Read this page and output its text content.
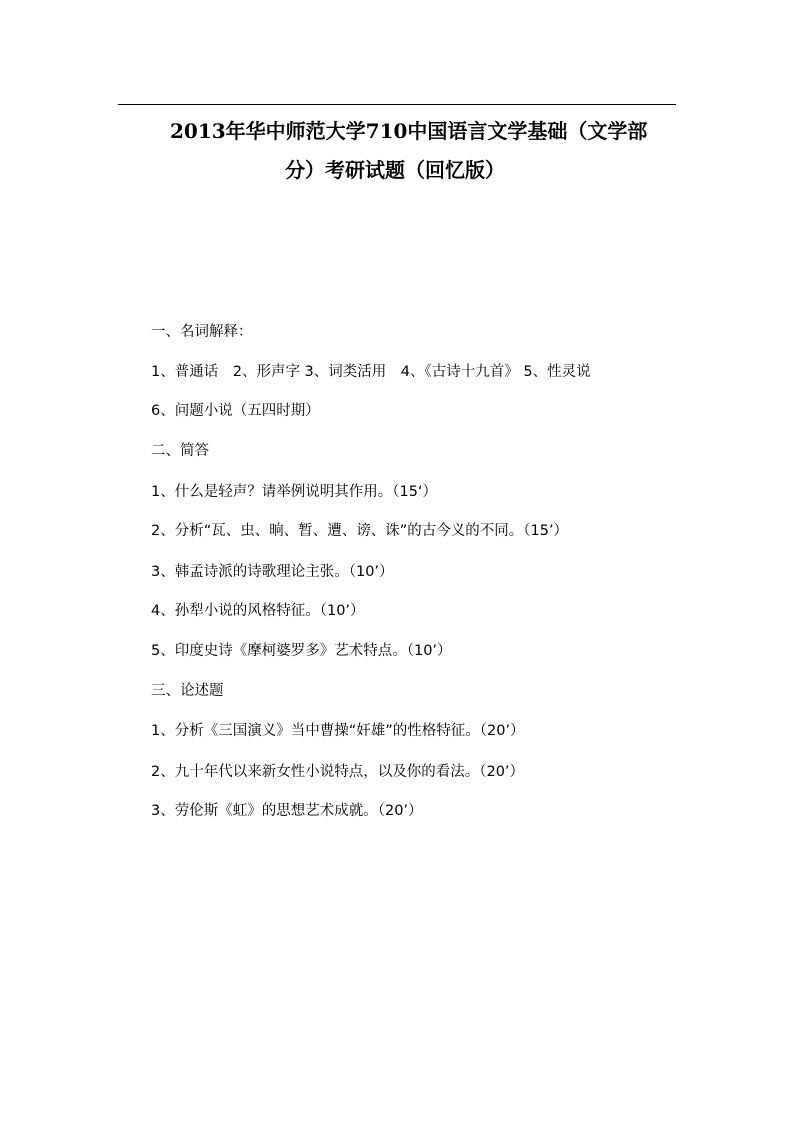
2013年华中师范大学710中国语言文学基础（文学部
分）考研试题（回忆版）
一、名词解释：
1、普通话　2、形声字 3、词类活用　4、《古诗十九首》 5、性灵说
6、问题小说（五四时期）
二、简答
1、什么是轻声？请举例说明其作用。（15‘）
2、分析“瓦、虫、晌、暂、遭、谤、诛”的古今义的不同。（15’）
3、韩孟诗派的诗歌理论主张。（10’）
4、孙犁小说的风格特征。（10’）
5、印度史诗《摩柯婆罗多》艺术特点。（10’）
三、论述题
1、分析《三国演义》当中曹操“奸雄”的性格特征。（20’）
2、九十年代以来新女性小说特点，以及你的看法。（20’）
3、劳伦斯《虹》的思想艺术成就。（20’）
